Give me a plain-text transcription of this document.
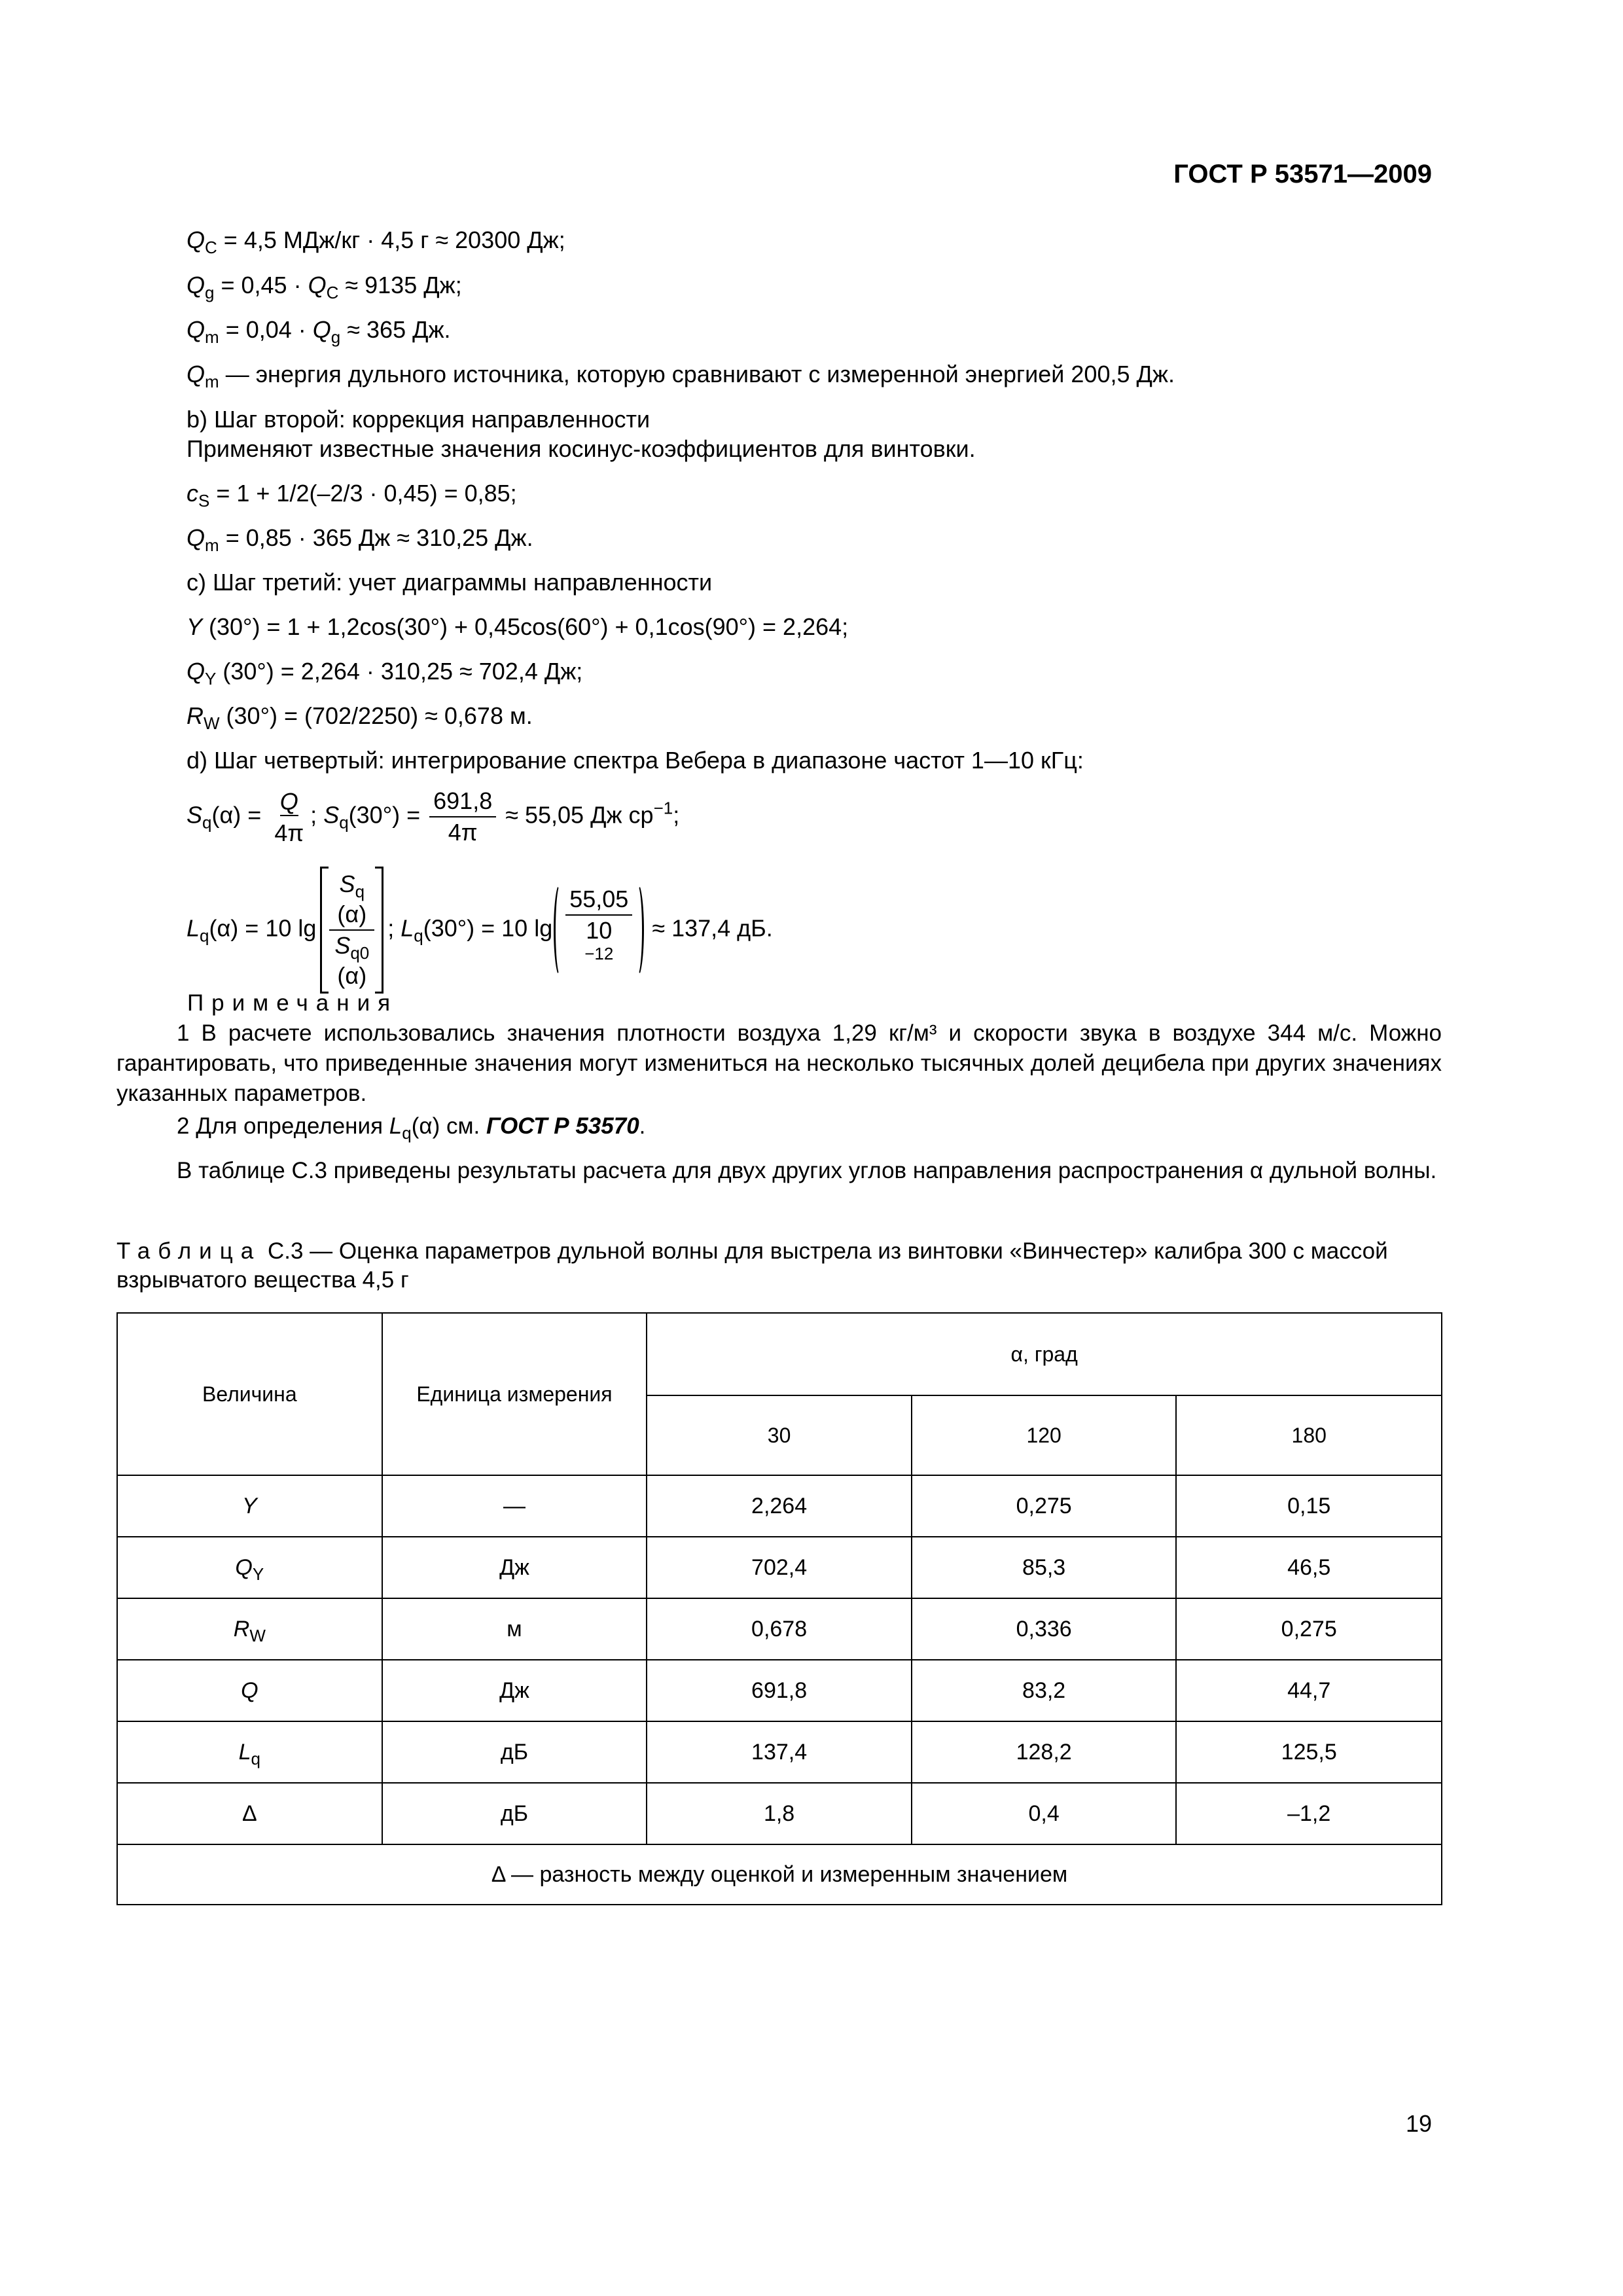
ГОСТ Р 53571—2009
$Q_C = 4,5$ МДж/кг · 4,5 г ≈ 20300 Дж;
$Q_g = 0,45 \cdot Q_C \approx 9135$ Дж;
$Q_m = 0,04 \cdot Q_g \approx 365$ Дж.
$Q_m$ — энергия дульного источника, которую сравнивают с измеренной энергией 200,5 Дж.
b) Шаг второй: коррекция направленности
Применяют известные значения косинус-коэффициентов для винтовки.
$c_S = 1 + 1/2(-2/3 \cdot 0,45) = 0,85$;
$Q_m = 0,85 \cdot 365$ Дж ≈ 310,25 Дж.
c) Шаг третий: учет диаграммы направленности
Y (30°) = 1 + 1,2cos(30°) + 0,45cos(60°) + 0,1cos(90°) = 2,264;
$Q_Y$ (30°) = 2,264 · 310,25 ≈ 702,4 Дж;
$R_W$ (30°) = (702/2250) ≈ 0,678 м.
d) Шаг четвертый: интегрирование спектра Вебера в диапазоне частот 1—10 кГц:
$S_q(\alpha) = \frac{Q}{4\pi}$ ; $S_q(30^\circ) = \frac{691,8}{4\pi} \approx 55,05$ Дж $ср^{-1}$;
$L_q(\alpha) = 10$ $\lg S_q$
(α)
$S_{q0}$
(α) ; $L_q(30^\circ) = 10$ lg 55,05
10
$^{-12}$ ≈ 137,4 дБ.
Примечания
1 В расчете использовались значения плотности воздуха 1,29 кг/м³ и скорости звука в воздухе 344 м/с. Можно гарантировать, что приведенные значения могут измениться на несколько тысячных долей децибела при других значениях указанных параметров.
2 Для определения $L_q(\alpha)$ см. ГОСТ Р 53570.
В таблице С.3 приведены результаты расчета для двух других углов направления распространения α дульной волны.
Таблица С.3 — Оценка параметров дульной волны для выстрела из винтовки «Винчестер» калибра 300 с массой взрывчатого вещества 4,5 г
Величина	Единица измерения	α, град		
		30	120	180
Y	—	2,264	0,275	0,15
$Q_Y$	Дж	702,4	85,3	46,5
$R_W$	м	0,678	0,336	0,275
Q	Дж	691,8	83,2	44,7
$L_q$	дБ	137,4	128,2	125,5
Δ	дБ	1,8	0,4	–1,2
Δ — разность между оценкой и измеренным значением				
19
